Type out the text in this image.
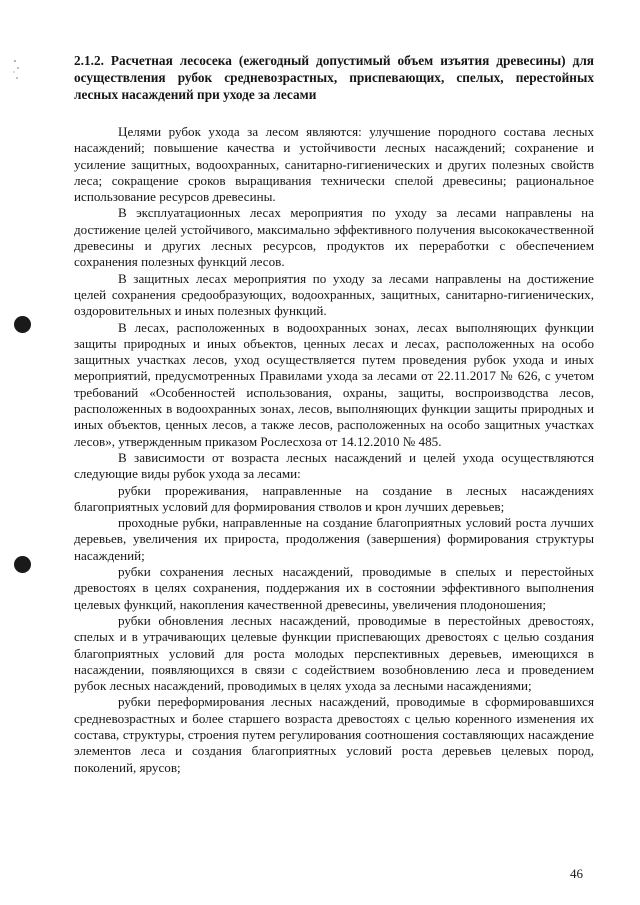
2.1.2. Расчетная лесосека (ежегодный допустимый объем изъятия древесины) для осуществления рубок средневозрастных, приспевающих, спелых, перестойных лесных насаждений при уходе за лесами

Целями рубок ухода за лесом являются: улучшение породного состава лесных насаждений; повышение качества и устойчивости лесных насаждений; сохранение и усиление защитных, водоохранных, санитарно-гигиенических и других полезных свойств леса; сокращение сроков выращивания технически спелой древесины; рациональное использование ресурсов древесины.

В эксплуатационных лесах мероприятия по уходу за лесами направлены на достижение целей устойчивого, максимально эффективного получения высококачественной древесины и других лесных ресурсов, продуктов их переработки с обеспечением сохранения полезных функций лесов.

В защитных лесах мероприятия по уходу за лесами направлены на достижение целей сохранения средообразующих, водоохранных, защитных, санитарно-гигиенических, оздоровительных и иных полезных функций.

В лесах, расположенных в водоохранных зонах, лесах выполняющих функции защиты природных и иных объектов, ценных лесах и лесах, расположенных на особо защитных участках лесов, уход осуществляется путем проведения рубок ухода и иных мероприятий, предусмотренных Правилами ухода за лесами от 22.11.2017 № 626, с учетом требований «Особенностей использования, охраны, защиты, воспроизводства лесов, расположенных в водоохранных зонах, лесов, выполняющих функции защиты природных и иных объектов, ценных лесов, а также лесов, расположенных на особо защитных участках лесов», утвержденным приказом Рослесхоза от 14.12.2010 № 485.

В зависимости от возраста лесных насаждений и целей ухода осуществляются следующие виды рубок ухода за лесами:

рубки прореживания, направленные на создание в лесных насаждениях благоприятных условий для формирования стволов и крон лучших деревьев;

проходные рубки, направленные на создание благоприятных условий роста лучших деревьев, увеличения их прироста, продолжения (завершения) формирования структуры насаждений;

рубки сохранения лесных насаждений, проводимые в спелых и перестойных древостоях в целях сохранения, поддержания их в состоянии эффективного выполнения целевых функций, накопления качественной древесины, увеличения плодоношения;

рубки обновления лесных насаждений, проводимые в перестойных древостоях, спелых и в утрачивающих целевые функции приспевающих древостоях с целью создания благоприятных условий для роста молодых перспективных деревьев, имеющихся в насаждении, появляющихся в связи с содействием возобновлению леса и проведением рубок лесных насаждений, проводимых в целях ухода за лесными насаждениями;

рубки переформирования лесных насаждений, проводимые в сформировавшихся средневозрастных и более старшего возраста древостоях с целью коренного изменения их состава, структуры, строения путем регулирования соотношения составляющих насаждение элементов леса и создания благоприятных условий роста деревьев целевых пород, поколений, ярусов;

46
